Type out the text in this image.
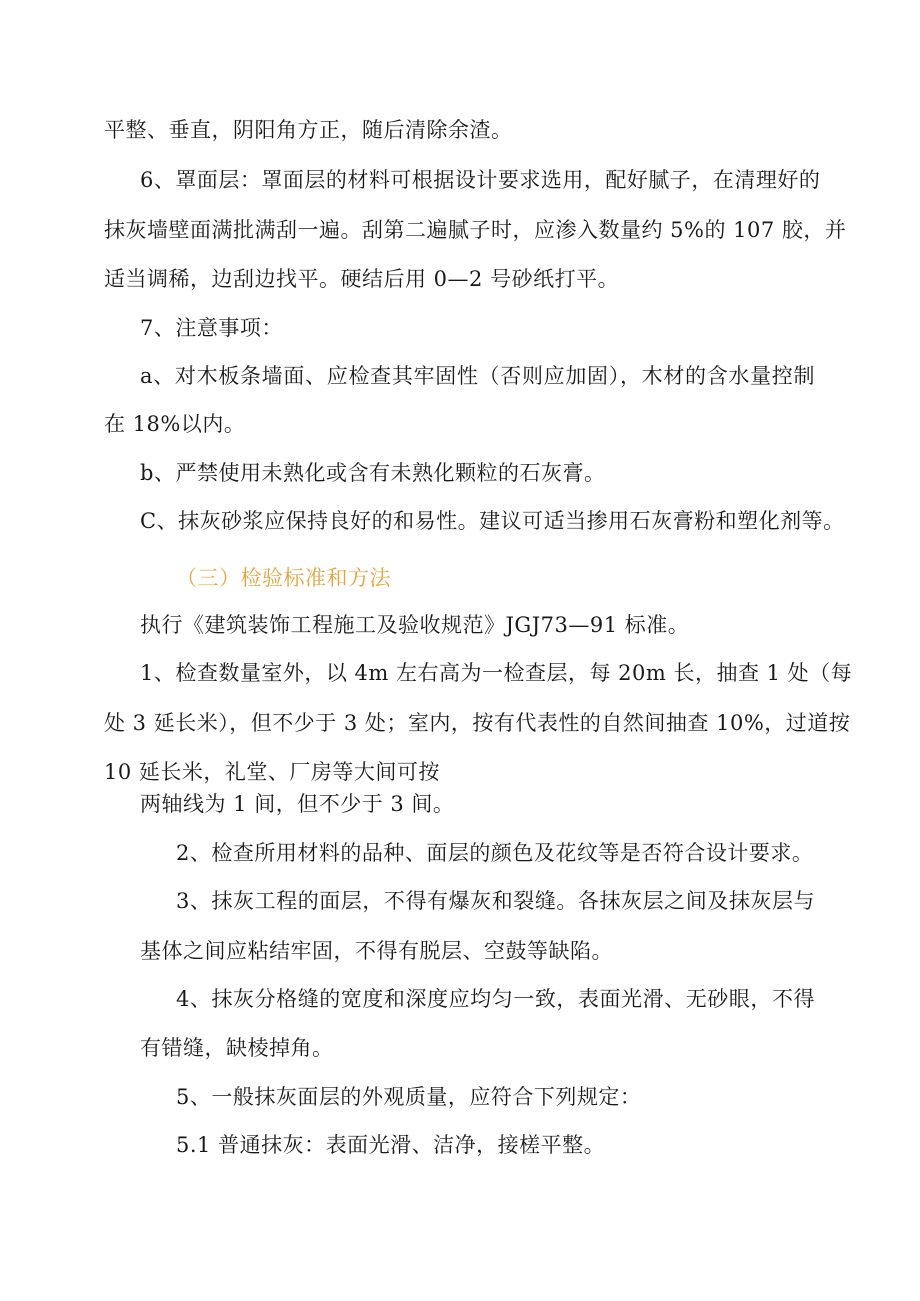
平整、垂直，阴阳角方正，随后清除余渣。
6、罩面层：罩面层的材料可根据设计要求选用，配好腻子，在清理好的
抹灰墙壁面满批满刮一遍。刮第二遍腻子时，应渗入数量约 5%的 107 胶，并
适当调稀，边刮边找平。硬结后用 0—2 号砂纸打平。
7、注意事项：
a、对木板条墙面、应检查其牢固性（否则应加固），木材的含水量控制
在 18%以内。
b、严禁使用未熟化或含有未熟化颗粒的石灰膏。
C、抹灰砂浆应保持良好的和易性。建议可适当掺用石灰膏粉和塑化剂等。
（三）检验标准和方法
执行《建筑装饰工程施工及验收规范》JGJ73—91 标准。
1、检查数量室外，以 4m 左右高为一检查层，每 20m 长，抽查 1 处（每
处 3 延长米），但不少于 3 处；室内，按有代表性的自然间抽查 10%，过道按
10 延长米，礼堂、厂房等大间可按
两轴线为 1 间，但不少于 3 间。
2、检查所用材料的品种、面层的颜色及花纹等是否符合设计要求。
3、抹灰工程的面层，不得有爆灰和裂缝。各抹灰层之间及抹灰层与
基体之间应粘结牢固，不得有脱层、空鼓等缺陷。
4、抹灰分格缝的宽度和深度应均匀一致，表面光滑、无砂眼，不得
有错缝，缺棱掉角。
5、一般抹灰面层的外观质量，应符合下列规定：
5.1 普通抹灰：表面光滑、洁净，接槎平整。
